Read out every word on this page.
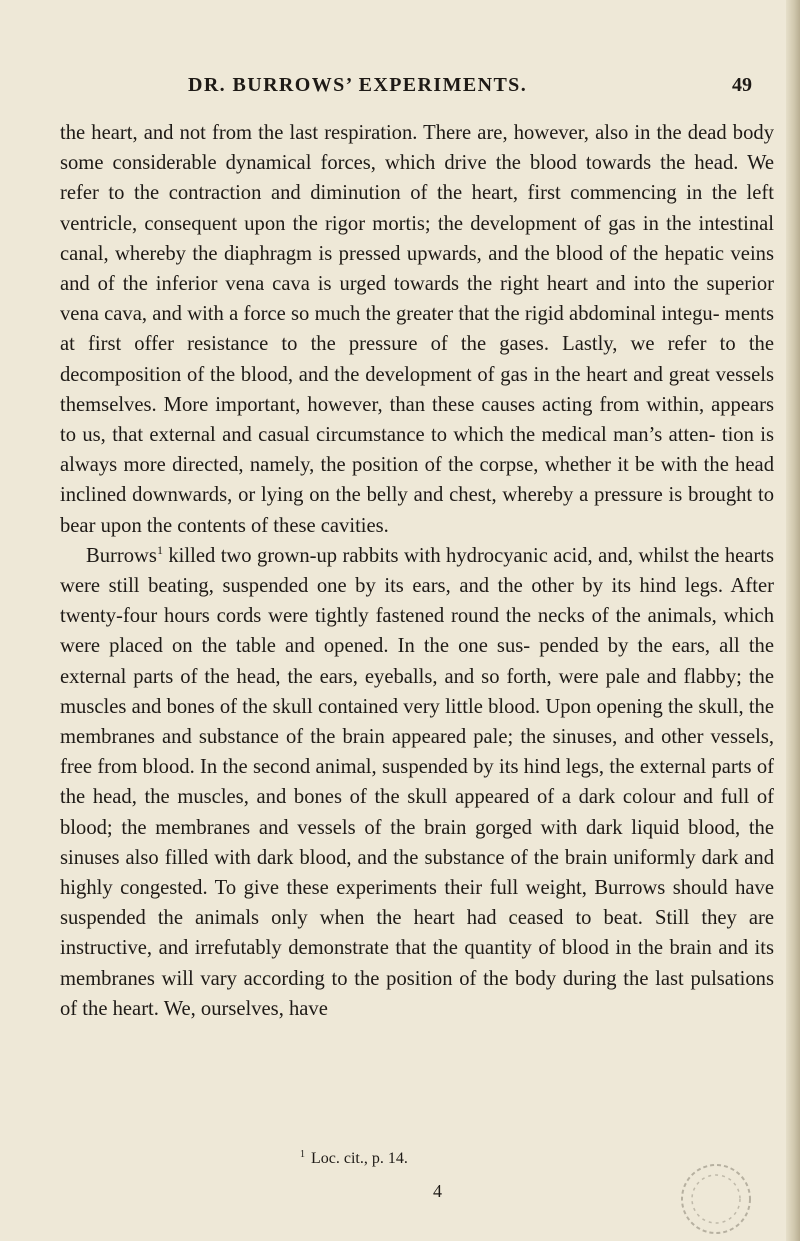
DR. BURROWS’ EXPERIMENTS.	49

the heart, and not from the last respiration. There are, however, also in the dead body some considerable dynamical forces, which drive the blood towards the head. We refer to the contraction and diminution of the heart, first commencing in the left ventricle, consequent upon the rigor mortis; the development of gas in the intestinal canal, whereby the diaphragm is pressed upwards, and the blood of the hepatic veins and of the inferior vena cava is urged towards the right heart and into the superior vena cava, and with a force so much the greater that the rigid abdominal integu- ments at first offer resistance to the pressure of the gases. Lastly, we refer to the decomposition of the blood, and the development of gas in the heart and great vessels themselves. More important, however, than these causes acting from within, appears to us, that external and casual circumstance to which the medical man’s atten- tion is always more directed, namely, the position of the corpse, whether it be with the head inclined downwards, or lying on the belly and chest, whereby a pressure is brought to bear upon the contents of these cavities.

Burrows$^1$ killed two grown-up rabbits with hydrocyanic acid, and, whilst the hearts were still beating, suspended one by its ears, and the other by its hind legs. After twenty-four hours cords were tightly fastened round the necks of the animals, which were placed on the table and opened. In the one sus- pended by the ears, all the external parts of the head, the ears, eyeballs, and so forth, were pale and flabby; the muscles and bones of the skull contained very little blood. Upon opening the skull, the membranes and substance of the brain appeared pale; the sinuses, and other vessels, free from blood. In the second animal, suspended by its hind legs, the external parts of the head, the muscles, and bones of the skull appeared of a dark colour and full of blood; the membranes and vessels of the brain gorged with dark liquid blood, the sinuses also filled with dark blood, and the substance of the brain uniformly dark and highly congested. To give these experiments their full weight, Burrows should have suspended the animals only when the heart had ceased to beat. Still they are instructive, and irrefutably demonstrate that the quantity of blood in the brain and its membranes will vary according to the position of the body during the last pulsations of the heart. We, ourselves, have

$^1$ Loc. cit., p. 14.
4
